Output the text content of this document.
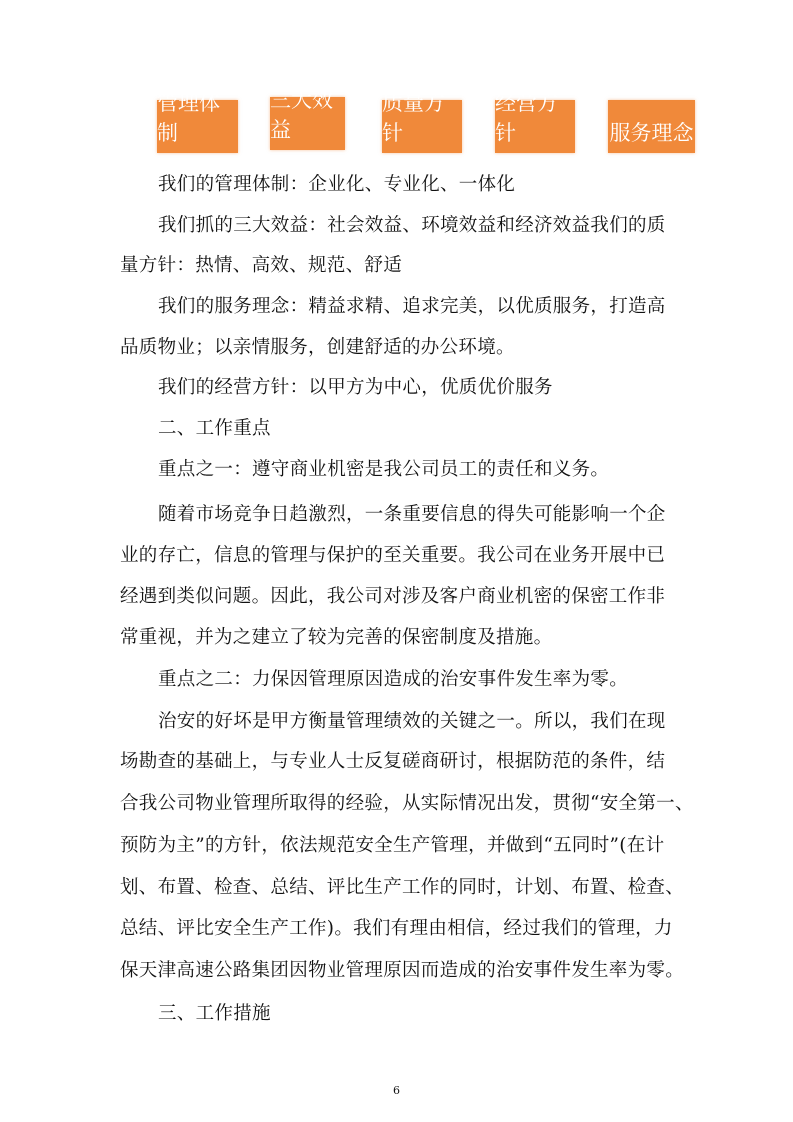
管理体制
三大效益
质量方针
经营方针	服务理念
我们的管理体制：企业化、专业化、一体化
我们抓的三大效益：社会效益、环境效益和经济效益我们的质
量方针：热情、高效、规范、舒适
我们的服务理念：精益求精、追求完美，以优质服务，打造高
品质物业；以亲情服务，创建舒适的办公环境。
我们的经营方针：以甲方为中心，优质优价服务
二、工作重点
重点之一：遵守商业机密是我公司员工的责任和义务。
随着市场竞争日趋激烈，一条重要信息的得失可能影响一个企
业的存亡，信息的管理与保护的至关重要。我公司在业务开展中已
经遇到类似问题。因此，我公司对涉及客户商业机密的保密工作非
常重视，并为之建立了较为完善的保密制度及措施。
重点之二：力保因管理原因造成的治安事件发生率为零。
治安的好坏是甲方衡量管理绩效的关键之一。所以，我们在现
场勘查的基础上，与专业人士反复磋商研讨，根据防范的条件，结
合我公司物业管理所取得的经验，从实际情况出发，贯彻“安全第一、
预防为主”的方针，依法规范安全生产管理，并做到“五同时”(在计
划、布置、检查、总结、评比生产工作的同时，计划、布置、检查、
总结、评比安全生产工作)。我们有理由相信，经过我们的管理，力
保天津高速公路集团因物业管理原因而造成的治安事件发生率为零。
三、工作措施
6
